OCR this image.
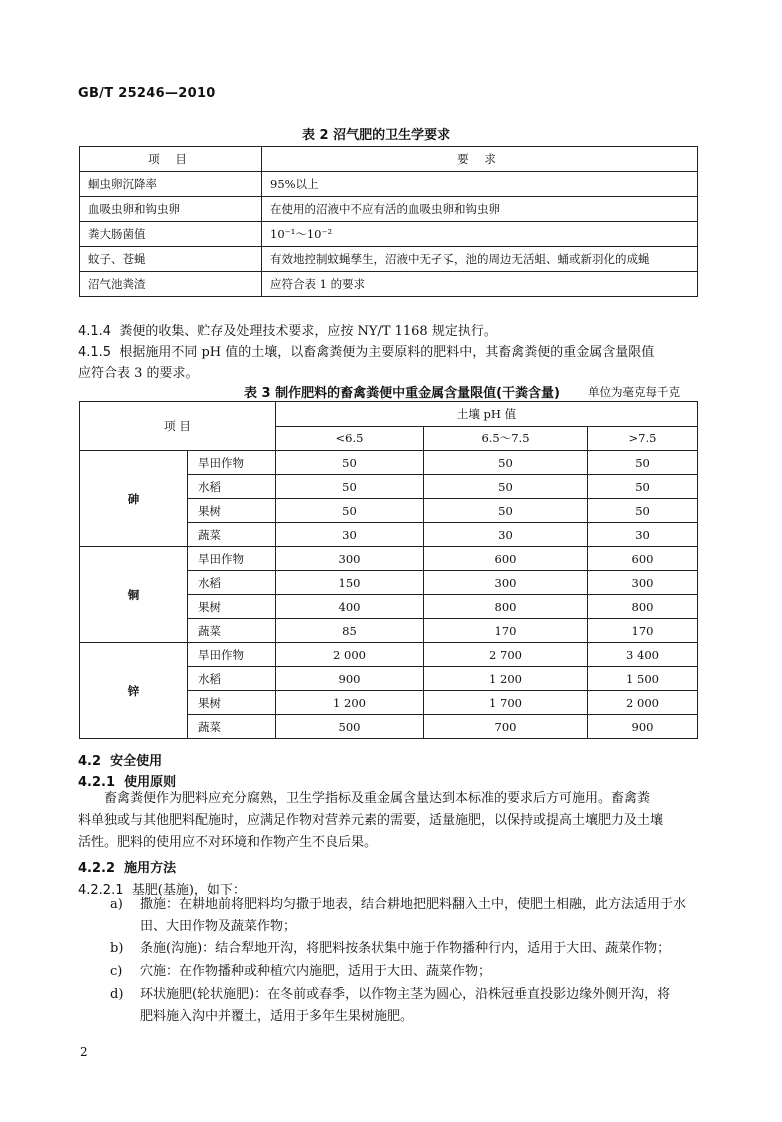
GB/T 25246—2010
表 2 沼气肥的卫生学要求
项 目	要 求
蛔虫卵沉降率	95%以上
血吸虫卵和钩虫卵	在使用的沼液中不应有活的血吸虫卵和钩虫卵
粪大肠菌值	10⁻¹～10⁻²
蚊子、苍蝇	有效地控制蚊蝇孳生，沼液中无孑孓，池的周边无活蛆、蛹或新羽化的成蝇
沼气池粪渣	应符合表 1 的要求
4.1.4 粪便的收集、贮存及处理技术要求，应按 NY/T 1168 规定执行。
4.1.5 根据施用不同 pH 值的土壤，以畜禽粪便为主要原料的肥料中，其畜禽粪便的重金属含量限值
应符合表 3 的要求。
表 3 制作肥料的畜禽粪便中重金属含量限值(干粪含量) 单位为毫克每千克
项 目		土壤 pH 值		
		<6.5	6.5～7.5	>7.5
砷	旱田作物	50	50	50
	水稻	50	50	50
	果树	50	50	50
	蔬菜	30	30	30
铜	旱田作物	300	600	600
	水稻	150	300	300
	果树	400	800	800
	蔬菜	85	170	170
锌	旱田作物	2 000	2 700	3 400
	水稻	900	1 200	1 500
	果树	1 200	1 700	2 000
	蔬菜	500	700	900
4.2 安全使用
4.2.1 使用原则
畜禽粪便作为肥料应充分腐熟，卫生学指标及重金属含量达到本标准的要求后方可施用。畜禽粪
料单独或与其他肥料配施时，应满足作物对营养元素的需要，适量施肥，以保持或提高土壤肥力及土壤
活性。肥料的使用应不对环境和作物产生不良后果。
4.2.2 施用方法
4.2.2.1 基肥(基施)，如下：
a) 撒施：在耕地前将肥料均匀撒于地表，结合耕地把肥料翻入土中，使肥土相融，此方法适用于水
田、大田作物及蔬菜作物；
b) 条施(沟施)：结合犁地开沟，将肥料按条状集中施于作物播种行内，适用于大田、蔬菜作物；
c) 穴施：在作物播种或种植穴内施肥，适用于大田、蔬菜作物；
d) 环状施肥(轮状施肥)：在冬前或春季，以作物主茎为圆心，沿株冠垂直投影边缘外侧开沟，将
肥料施入沟中并覆土，适用于多年生果树施肥。
2
